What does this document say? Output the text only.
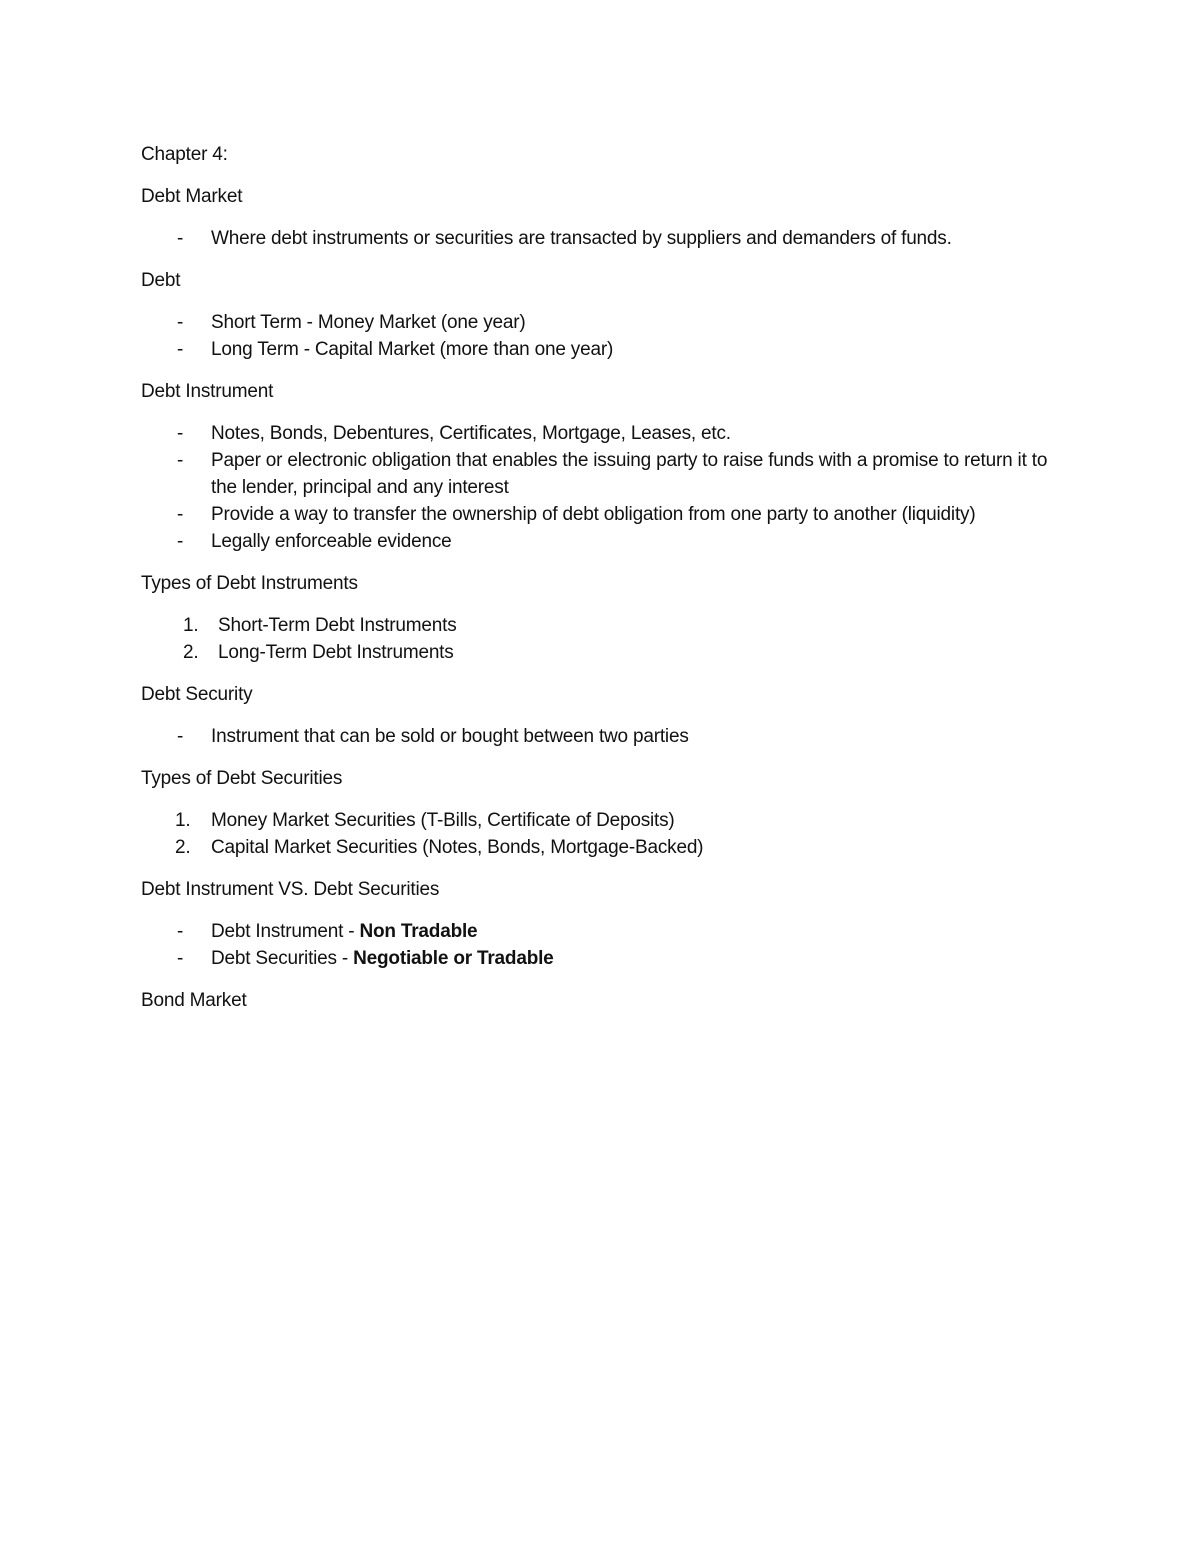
Chapter 4:

Debt Market

- Where debt instruments or securities are transacted by suppliers and demanders of funds.

Debt

- Short Term - Money Market (one year)
- Long Term - Capital Market (more than one year)

Debt Instrument

- Notes, Bonds, Debentures, Certificates, Mortgage, Leases, etc.
- Paper or electronic obligation that enables the issuing party to raise funds with a promise to return it to the lender, principal and any interest
- Provide a way to transfer the ownership of debt obligation from one party to another (liquidity)
- Legally enforceable evidence

Types of Debt Instruments

1. Short-Term Debt Instruments
2. Long-Term Debt Instruments

Debt Security

- Instrument that can be sold or bought between two parties

Types of Debt Securities

1. Money Market Securities (T-Bills, Certificate of Deposits)
2. Capital Market Securities (Notes, Bonds, Mortgage-Backed)

Debt Instrument VS. Debt Securities

- Debt Instrument - Non Tradable
- Debt Securities - Negotiable or Tradable

Bond Market
